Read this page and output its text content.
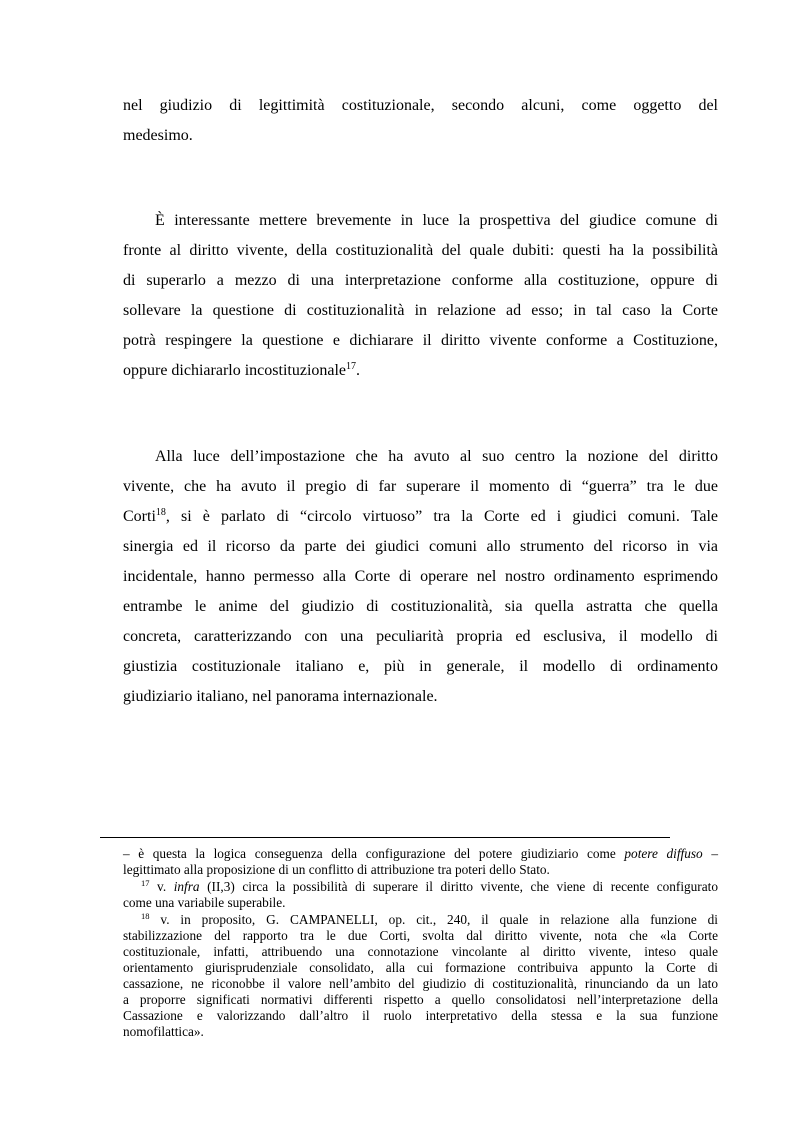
nel giudizio di legittimità costituzionale, secondo alcuni, come oggetto del
medesimo.
È interessante mettere brevemente in luce la prospettiva del giudice comune di
fronte al diritto vivente, della costituzionalità del quale dubiti: questi ha la possibilità
di superarlo a mezzo di una interpretazione conforme alla costituzione, oppure di
sollevare la questione di costituzionalità in relazione ad esso; in tal caso la Corte
potrà respingere la questione e dichiarare il diritto vivente conforme a Costituzione,
oppure dichiararlo incostituzionale$^{17}$.
Alla luce dell’impostazione che ha avuto al suo centro la nozione del diritto
vivente, che ha avuto il pregio di far superare il momento di “guerra” tra le due
Corti$^{18}$, si è parlato di “circolo virtuoso” tra la Corte ed i giudici comuni. Tale
sinergia ed il ricorso da parte dei giudici comuni allo strumento del ricorso in via
incidentale, hanno permesso alla Corte di operare nel nostro ordinamento esprimendo
entrambe le anime del giudizio di costituzionalità, sia quella astratta che quella
concreta, caratterizzando con una peculiarità propria ed esclusiva, il modello di
giustizia costituzionale italiano e, più in generale, il modello di ordinamento
giudiziario italiano, nel panorama internazionale.
– è questa la logica conseguenza della configurazione del potere giudiziario come potere diffuso –
legittimato alla proposizione di un conflitto di attribuzione tra poteri dello Stato.
$^{17}$ v. infra (II,3) circa la possibilità di superare il diritto vivente, che viene di recente configurato
come una variabile superabile.
$^{18}$ v. in proposito, G. CAMPANELLI, op. cit., 240, il quale in relazione alla funzione di
stabilizzazione del rapporto tra le due Corti, svolta dal diritto vivente, nota che «la Corte
costituzionale, infatti, attribuendo una connotazione vincolante al diritto vivente, inteso quale
orientamento giurisprudenziale consolidato, alla cui formazione contribuiva appunto la Corte di
cassazione, ne riconobbe il valore nell’ambito del giudizio di costituzionalità, rinunciando da un lato
a proporre significati normativi differenti rispetto a quello consolidatosi nell’interpretazione della
Cassazione e valorizzando dall’altro il ruolo interpretativo della stessa e la sua funzione
nomofilattica».
